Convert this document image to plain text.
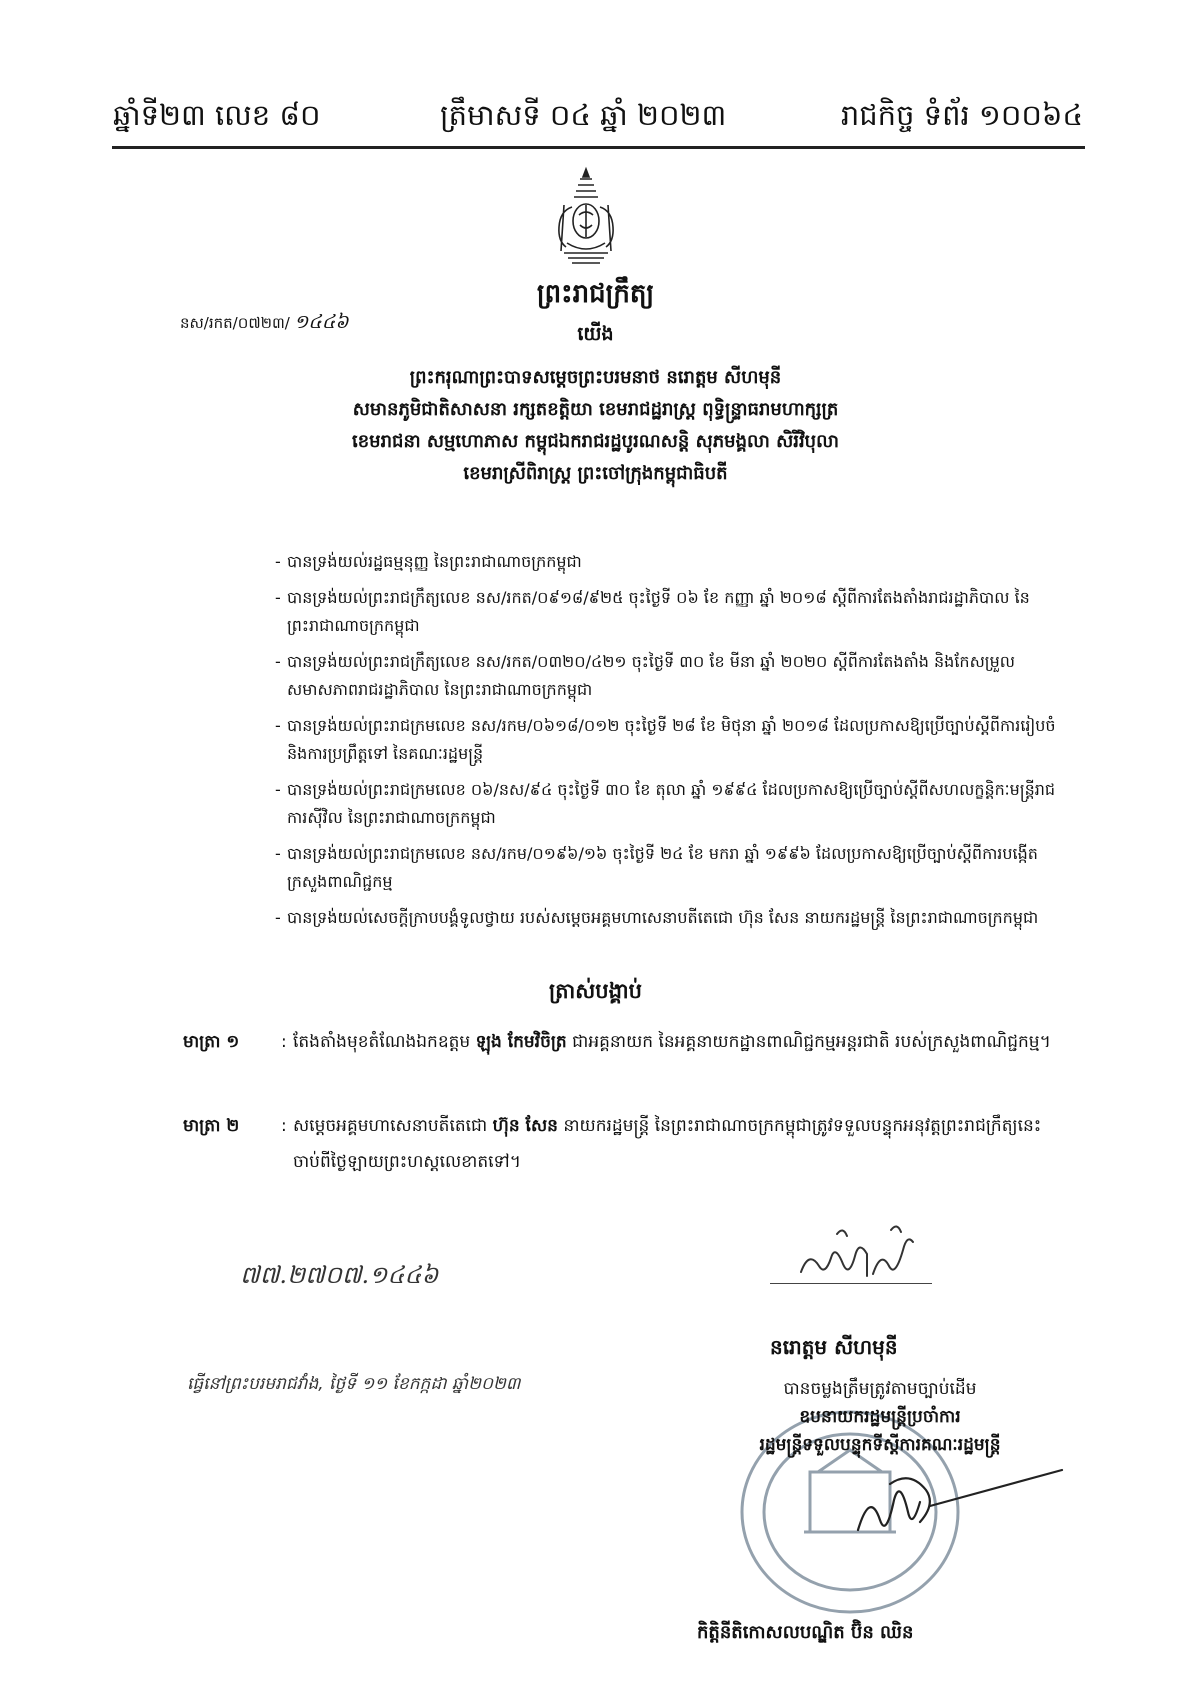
ឆ្នាំទី២៣ លេខ ៨០	ត្រឹមាសទី ០៤ ឆ្នាំ ២០២៣	រាជកិច្ច ទំព័រ ១០០៦៤
ព្រះរាជក្រឹត្យ
នស/រកត/០៧២៣/ ១៤៤៦
យើង
ព្រះករុណាព្រះបាទសម្តេចព្រះបរមនាថ នរោត្តម សីហមុនី
សមានភូមិជាតិសាសនា រក្សតខត្តិយា ខេមរាជដ្ឋរាស្ត្រ ពុទ្ធិន្ទ្រាធរាមហាក្សត្រ
ខេមរាជនា សម្មហោភាស កម្ពុជឯករាជរដ្ឋបូរណសន្តិ សុភមង្គលា សិរីវិបុលា
ខេមរាស្រីពិរាស្ត្រ ព្រះចៅក្រុងកម្ពុជាធិបតី
- បានទ្រង់យល់រដ្ឋធម្មនុញ្ញ នៃព្រះរាជាណាចក្រកម្ពុជា
- បានទ្រង់យល់ព្រះរាជក្រឹត្យលេខ នស/រកត/០៩១៨/៩២៥ ចុះថ្ងៃទី ០៦ ខែ កញ្ញា ឆ្នាំ ២០១៨ ស្តីពីការតែងតាំងរាជរដ្ឋាភិបាល នៃព្រះរាជាណាចក្រកម្ពុជា
- បានទ្រង់យល់ព្រះរាជក្រឹត្យលេខ នស/រកត/០៣២០/៤២១ ចុះថ្ងៃទី ៣០ ខែ មីនា ឆ្នាំ ២០២០ ស្តីពីការតែងតាំង និងកែសម្រួលសមាសភាពរាជរដ្ឋាភិបាល នៃព្រះរាជាណាចក្រកម្ពុជា
- បានទ្រង់យល់ព្រះរាជក្រមលេខ នស/រកម/០៦១៨/០១២ ចុះថ្ងៃទី ២៨ ខែ មិថុនា ឆ្នាំ ២០១៨ ដែលប្រកាសឱ្យប្រើច្បាប់ស្តីពីការរៀបចំ និងការប្រព្រឹត្តទៅ នៃគណៈរដ្ឋមន្ត្រី
- បានទ្រង់យល់ព្រះរាជក្រមលេខ ០៦/នស/៩៤ ចុះថ្ងៃទី ៣០ ខែ តុលា ឆ្នាំ ១៩៩៤ ដែលប្រកាសឱ្យប្រើច្បាប់ស្តីពីសហលក្ខន្តិកៈមន្ត្រីរាជការស៊ីវិល នៃព្រះរាជាណាចក្រកម្ពុជា
- បានទ្រង់យល់ព្រះរាជក្រមលេខ នស/រកម/០១៩៦/១៦ ចុះថ្ងៃទី ២៤ ខែ មករា ឆ្នាំ ១៩៩៦ ដែលប្រកាសឱ្យប្រើច្បាប់ស្តីពីការបង្កើតក្រសួងពាណិជ្ជកម្ម
- បានទ្រង់យល់សេចក្តីក្រាបបង្គំទូលថ្វាយ របស់សម្តេចអគ្គមហាសេនាបតីតេជោ ហ៊ុន សែន នាយករដ្ឋមន្ត្រី នៃព្រះរាជាណាចក្រកម្ពុជា
ត្រាស់បង្គាប់
មាត្រា ១	: តែងតាំងមុខតំណែងឯកឧត្តម ឡុង កែមវិចិត្រ ជាអគ្គនាយក នៃអគ្គនាយកដ្ឋានពាណិជ្ជកម្មអន្តរជាតិ របស់ក្រសួងពាណិជ្ជកម្ម។
មាត្រា ២	: សម្តេចអគ្គមហាសេនាបតីតេជោ ហ៊ុន សែន នាយករដ្ឋមន្ត្រី នៃព្រះរាជាណាចក្រកម្ពុជាត្រូវទទួលបន្ទុកអនុវត្តព្រះរាជក្រឹត្យនេះ ចាប់ពីថ្ងៃឡាយព្រះហស្តលេខាតទៅ។
៧៧.២៧០៧.១៤៤៦
នរោត្តម សីហមុនី
ធ្វើនៅព្រះបរមរាជវាំង, ថ្ងៃទី ១១ ខែកក្កដា ឆ្នាំ២០២៣	បានចម្លងត្រឹមត្រូវតាមច្បាប់ដើម
ឧបនាយករដ្ឋមន្ត្រីប្រចាំការ
រដ្ឋមន្ត្រីទទួលបន្ទុកទីស្តីការគណៈរដ្ឋមន្ត្រី
កិត្តិនីតិកោសលបណ្ឌិត ប៊ិន ឈិន
